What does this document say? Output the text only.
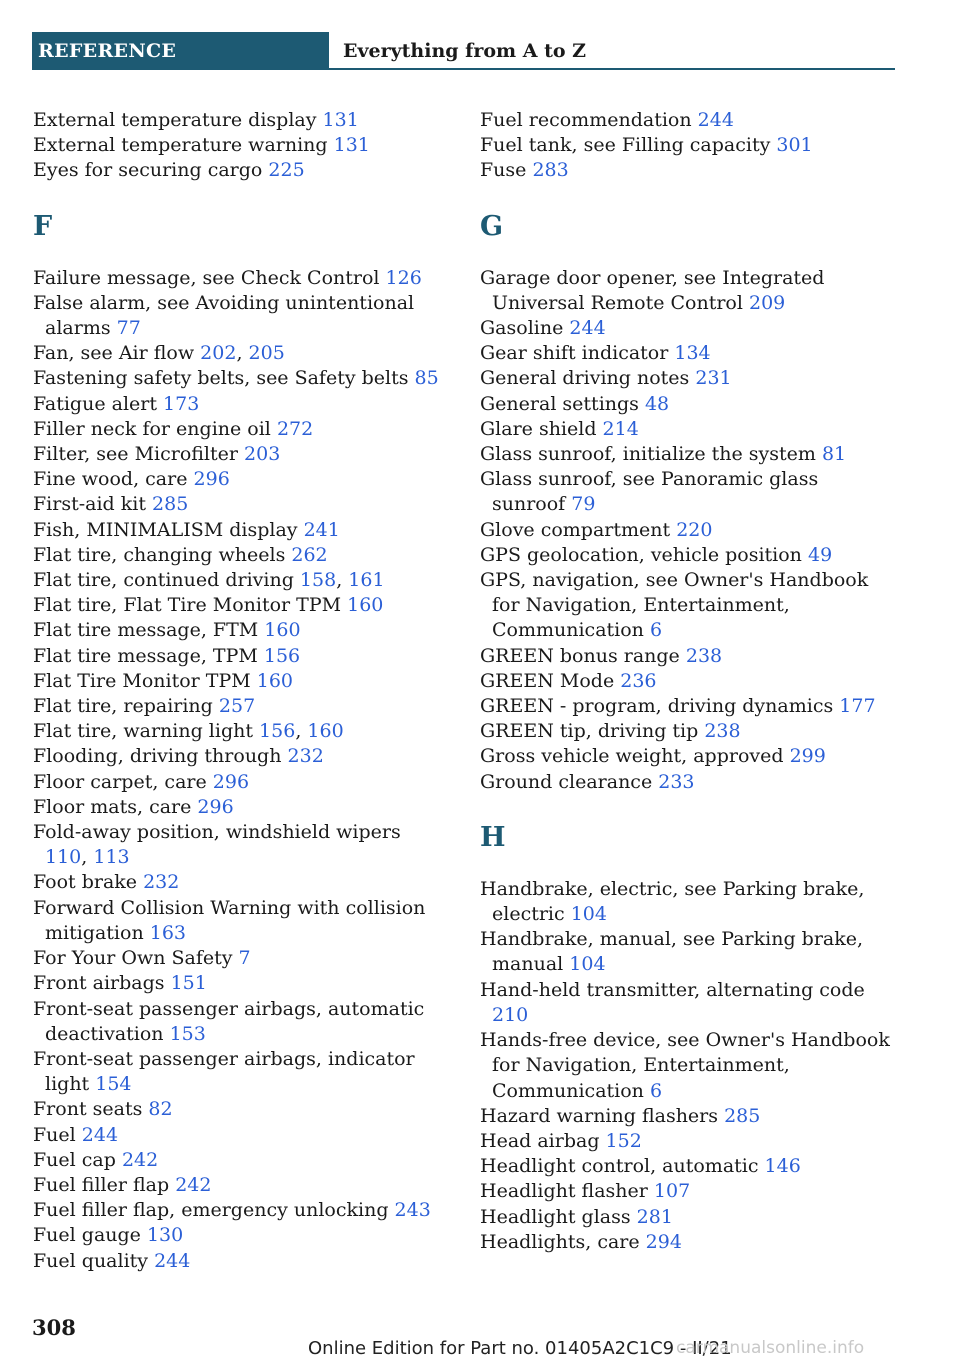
REFERENCE	Everything from A to Z
External temperature display 131
External temperature warning 131
Eyes for securing cargo 225
F
Failure message, see Check Control 126
False alarm, see Avoiding unintentional alarms 77
Fan, see Air flow 202, 205
Fastening safety belts, see Safety belts 85
Fatigue alert 173
Filler neck for engine oil 272
Filter, see Microfilter 203
Fine wood, care 296
First-aid kit 285
Fish, MINIMALISM display 241
Flat tire, changing wheels 262
Flat tire, continued driving 158, 161
Flat tire, Flat Tire Monitor TPM 160
Flat tire message, FTM 160
Flat tire message, TPM 156
Flat Tire Monitor TPM 160
Flat tire, repairing 257
Flat tire, warning light 156, 160
Flooding, driving through 232
Floor carpet, care 296
Floor mats, care 296
Fold-away position, windshield wipers 110, 113
Foot brake 232
Forward Collision Warning with collision mitigation 163
For Your Own Safety 7
Front airbags 151
Front-seat passenger airbags, automatic deactivation 153
Front-seat passenger airbags, indicator light 154
Front seats 82
Fuel 244
Fuel cap 242
Fuel filler flap 242
Fuel filler flap, emergency unlocking 243
Fuel gauge 130
Fuel quality 244
Fuel recommendation 244
Fuel tank, see Filling capacity 301
Fuse 283
G
Garage door opener, see Integrated Universal Remote Control 209
Gasoline 244
Gear shift indicator 134
General driving notes 231
General settings 48
Glare shield 214
Glass sunroof, initialize the system 81
Glass sunroof, see Panoramic glass sunroof 79
Glove compartment 220
GPS geolocation, vehicle position 49
GPS, navigation, see Owner's Handbook for Navigation, Entertainment, Communication 6
GREEN bonus range 238
GREEN Mode 236
GREEN - program, driving dynamics 177
GREEN tip, driving tip 238
Gross vehicle weight, approved 299
Ground clearance 233
H
Handbrake, electric, see Parking brake, electric 104
Handbrake, manual, see Parking brake, manual 104
Hand-held transmitter, alternating code 210
Hands-free device, see Owner's Handbook for Navigation, Entertainment, Communication 6
Hazard warning flashers 285
Head airbag 152
Headlight control, automatic 146
Headlight flasher 107
Headlight glass 281
Headlights, care 294
308
Online Edition for Part no. 01405A2C1C9 - II/21
carmanualsonline.info
